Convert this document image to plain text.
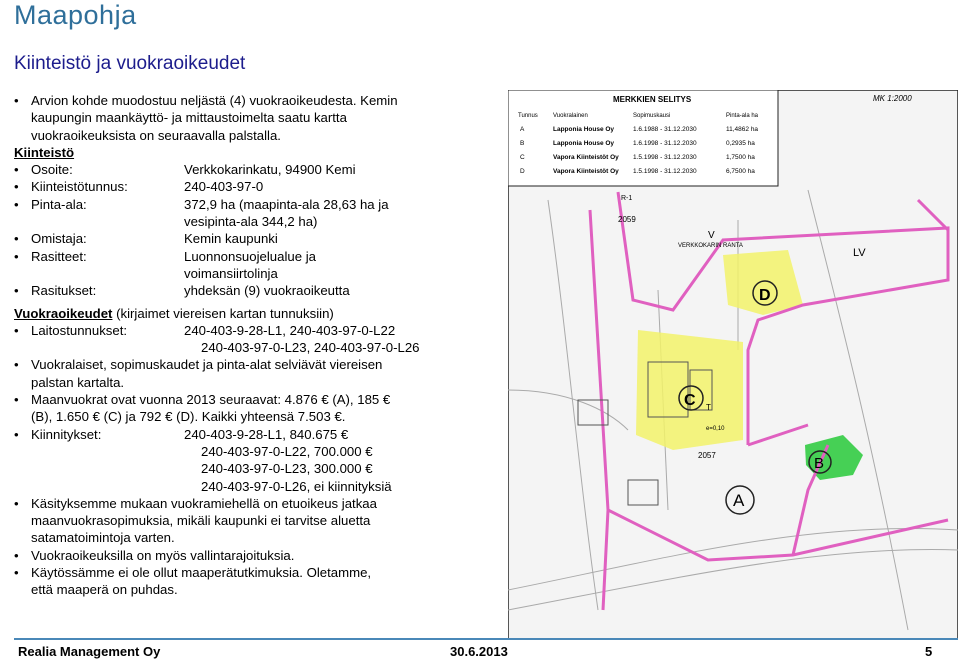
Maapohja
Kiinteistö ja vuokraoikeudet
• Arvion kohde muodostuu neljästä (4) vuokraoikeudesta. Kemin
kaupungin maankäyttö- ja mittaustoimelta saatu kartta
vuokraoikeuksista on seuraavalla palstalla.
Kiinteistö
• Osoite:	Verkkokarinkatu, 94900 Kemi
• Kiinteistötunnus:	240-403-97-0
• Pinta-ala:	372,9 ha (maapinta-ala 28,63 ha ja
vesipinta-ala 344,2 ha)
• Omistaja:	Kemin kaupunki
• Rasitteet:	Luonnonsuojelualue ja
voimansiirtolinja
• Rasitukset:	yhdeksän (9) vuokraoikeutta
Vuokraoikeudet (kirjaimet viereisen kartan tunnuksiin)
• Laitostunnukset:	240-403-9-28-L1, 240-403-97-0-L22
240-403-97-0-L23, 240-403-97-0-L26
• Vuokralaiset, sopimuskaudet ja pinta-alat selviävät viereisen
palstan kartalta.
• Maanvuokrat ovat vuonna 2013 seuraavat: 4.876 € (A), 185 €
(B), 1.650 € (C) ja 792 € (D). Kaikki yhteensä 7.503 €.
• Kiinnitykset:	240-403-9-28-L1, 840.675 €
240-403-97-0-L22, 700.000 €
240-403-97-0-L23, 300.000 €
240-403-97-0-L26, ei kiinnityksiä
• Käsityksemme mukaan vuokramiehellä on etuoikeus jatkaa
maanvuokrasopimuksia, mikäli kaupunki ei tarvitse aluetta
satamatoimintoja varten.
• Vuokraoikeuksilla on myös vallintarajoituksia.
• Käytössämme ei ole ollut maaperätutkimuksia. Oletamme,
että maaperä on puhdas.
MERKKIEN SELITYS
Tunnus	Vuokralainen	Sopimuskausi	Pinta-ala ha
A	Lapponia House Oy	1.6.1988 - 31.12.2030	11,4862 ha
B	Lapponia House Oy	1.6.1998 - 31.12.2030	0,2935 ha
C	Vapora Kiinteistöt Oy 1.5.1998 - 31.12.2030	1,7500 ha
D	Vapora Kiinteistöt Oy 1.5.1998 - 31.12.2030	6,7500 ha
MK 1:2000
D
C
A
B
LV
V
VERKKOKARIN RANTA
2059
R-1
2057
T
e=0,10
Realia Management Oy	30.6.2013	5
